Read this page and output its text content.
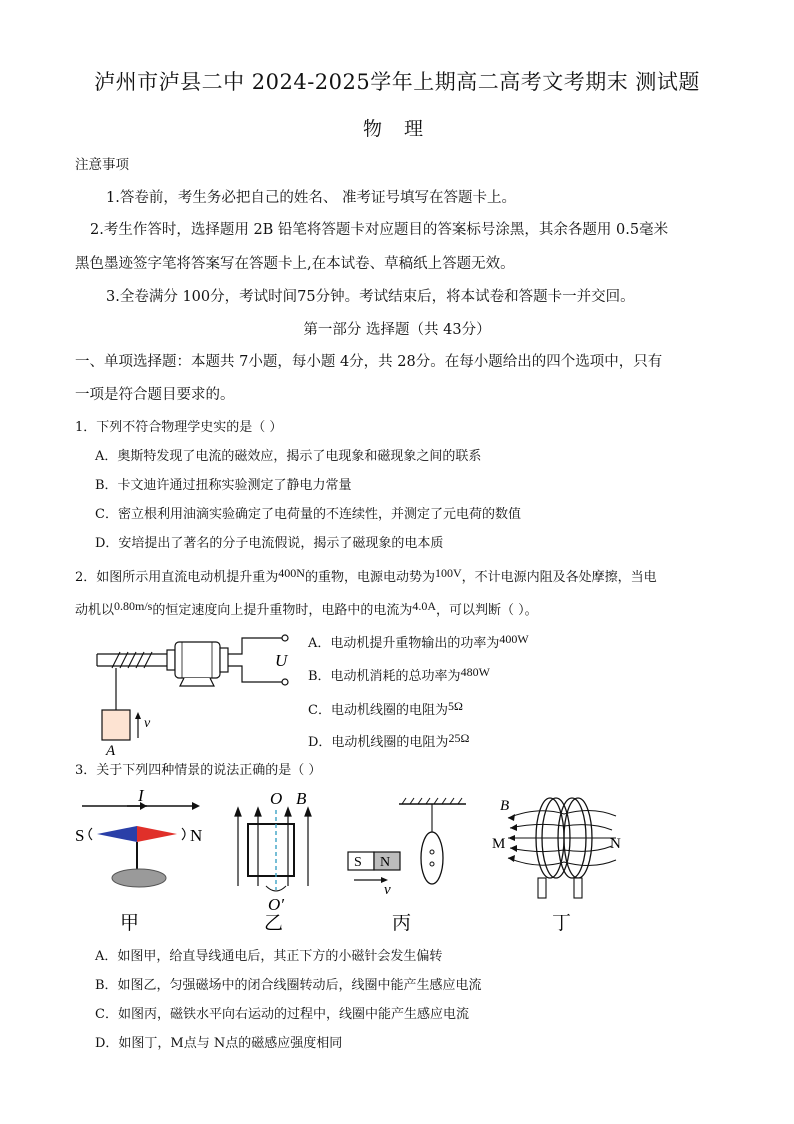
泸州市泸县二中 2024-2025学年上期高二高考文考期末 测试题
物 理
注意事项
1.答卷前，考生务必把自己的姓名、 准考证号填写在答题卡上。
2.考生作答时，选择题用 2B 铅笔将答题卡对应题目的答案标号涂黑，其余各题用 0.5毫米
黑色墨迹签字笔将答案写在答题卡上,在本试卷、草稿纸上答题无效。
3.全卷满分 100分，考试时间75分钟。考试结束后，将本试卷和答题卡一并交回。
第一部分 选择题（共 43分）
一、单项选择题：本题共 7小题，每小题 4分，共 28分。在每小题给出的四个选项中，只有
一项是符合题目要求的。
1．下列不符合物理学史实的是（ ）
A．奥斯特发现了电流的磁效应，揭示了电现象和磁现象之间的联系
B．卡文迪许通过扭称实验测定了静电力常量
C．密立根利用油滴实验确定了电荷量的不连续性，并测定了元电荷的数值
D．安培提出了著名的分子电流假说，揭示了磁现象的电本质
2．如图所示用直流电动机提升重为400N的重物，电源电动势为100V，不计电源内阻及各处摩擦，当电
动机以0.80m/s的恒定速度向上提升重物时，电路中的电流为4.0A，可以判断（ ）。
v
A
U
A．电动机提升重物输出的功率为400W
B．电动机消耗的总功率为480W
C．电动机线圈的电阻为5Ω
D．电动机线圈的电阻为25Ω
3．关于下列四种情景的说法正确的是（ ）
I
S	N
甲
O B
O′
乙
S N
v
丙
B
M	N
丁
A．如图甲，给直导线通电后，其正下方的小磁针会发生偏转
B．如图乙，匀强磁场中的闭合线圈转动后，线圈中能产生感应电流
C．如图丙，磁铁水平向右运动的过程中，线圈中能产生感应电流
D．如图丁，M点与 N点的磁感应强度相同
